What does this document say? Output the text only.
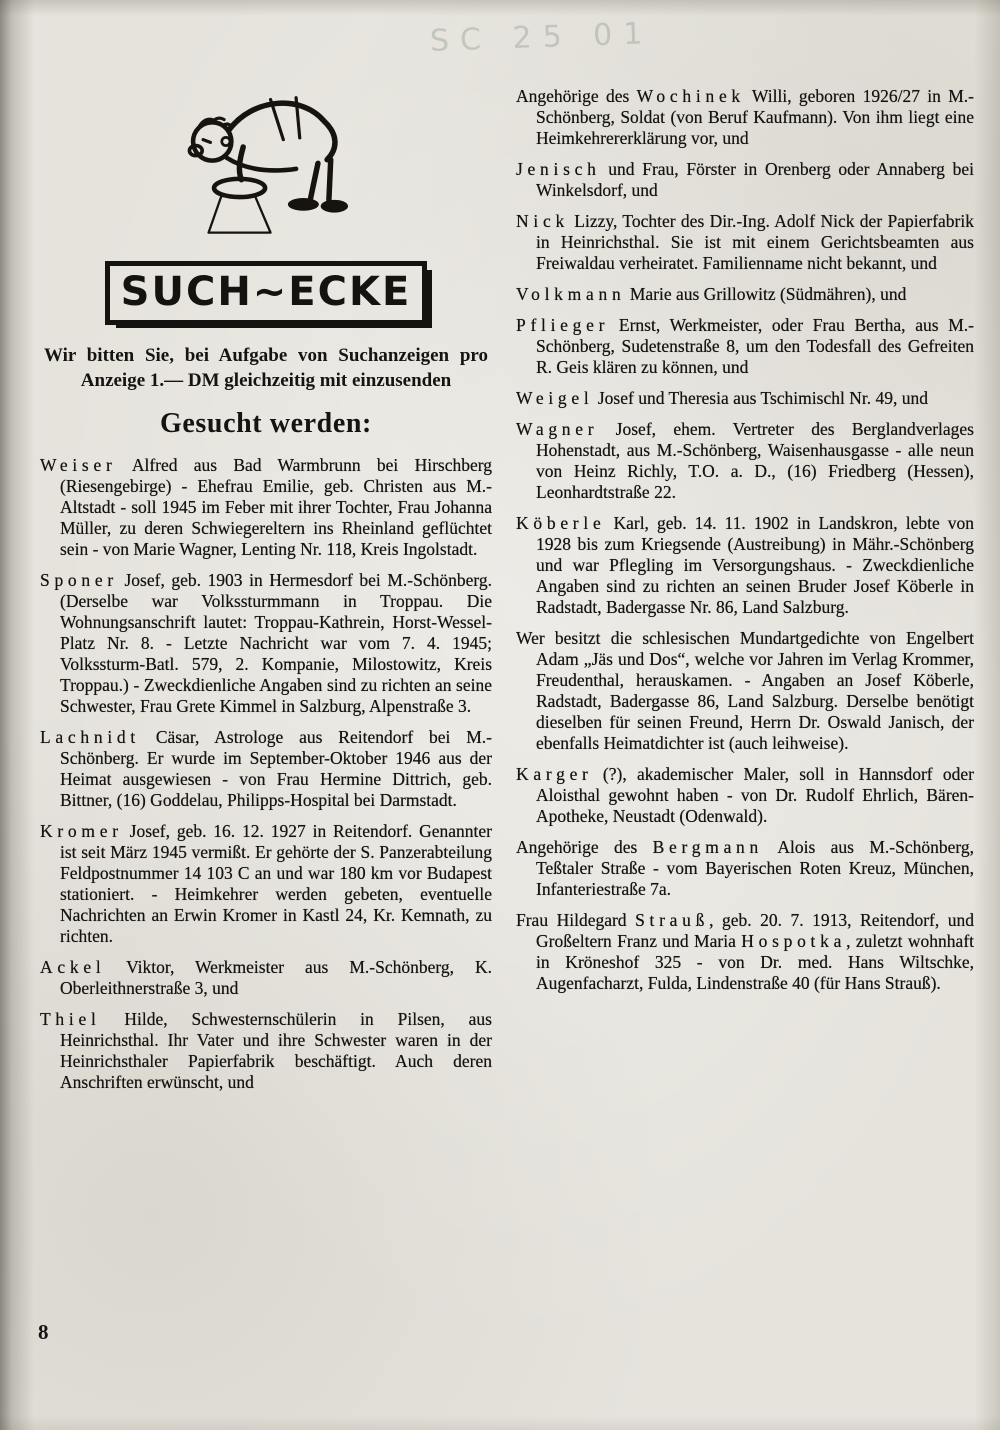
SC 25 01
SUCH~ECKE

Wir bitten Sie, bei Aufgabe von Suchanzeigen pro Anzeige 1.— DM gleichzeitig mit einzusenden

Gesucht werden:

Weiser Alfred aus Bad Warmbrunn bei Hirschberg (Riesengebirge) - Ehefrau Emilie, geb. Christen aus M.-Altstadt - soll 1945 im Feber mit ihrer Tochter, Frau Johanna Müller, zu deren Schwiegereltern ins Rheinland geflüchtet sein - von Marie Wagner, Lenting Nr. 118, Kreis Ingolstadt.

Sponer Josef, geb. 1903 in Hermesdorf bei M.-Schönberg. (Derselbe war Volkssturmmann in Troppau. Die Wohnungsanschrift lautet: Troppau-Kathrein, Horst-Wessel-Platz Nr. 8. - Letzte Nachricht war vom 7. 4. 1945; Volkssturm-Batl. 579, 2. Kompanie, Milostowitz, Kreis Troppau.) - Zweckdienliche Angaben sind zu richten an seine Schwester, Frau Grete Kimmel in Salzburg, Alpenstraße 3.

Lachnidt Cäsar, Astrologe aus Reitendorf bei M.-Schönberg. Er wurde im September-Oktober 1946 aus der Heimat ausgewiesen - von Frau Hermine Dittrich, geb. Bittner, (16) Goddelau, Philipps-Hospital bei Darmstadt.

Kromer Josef, geb. 16. 12. 1927 in Reitendorf. Genannter ist seit März 1945 vermißt. Er gehörte der S. Panzerabteilung Feldpostnummer 14 103 C an und war 180 km vor Budapest stationiert. - Heimkehrer werden gebeten, eventuelle Nachrichten an Erwin Kromer in Kastl 24, Kr. Kemnath, zu richten.

Ackel Viktor, Werkmeister aus M.-Schönberg, K. Oberleithnerstraße 3, und

Thiel Hilde, Schwesternschülerin in Pilsen, aus Heinrichsthal. Ihr Vater und ihre Schwester waren in der Heinrichsthaler Papierfabrik beschäftigt. Auch deren Anschriften erwünscht, und

Angehörige des Wochinek Willi, geboren 1926/27 in M.-Schönberg, Soldat (von Beruf Kaufmann). Von ihm liegt eine Heimkehrererklärung vor, und

Jenisch und Frau, Förster in Orenberg oder Annaberg bei Winkelsdorf, und

Nick Lizzy, Tochter des Dir.-Ing. Adolf Nick der Papierfabrik in Heinrichsthal. Sie ist mit einem Gerichtsbeamten aus Freiwaldau verheiratet. Familienname nicht bekannt, und

Volkmann Marie aus Grillowitz (Südmähren), und

Pflieger Ernst, Werkmeister, oder Frau Bertha, aus M.-Schönberg, Sudetenstraße 8, um den Todesfall des Gefreiten R. Geis klären zu können, und

Weigel Josef und Theresia aus Tschimischl Nr. 49, und

Wagner Josef, ehem. Vertreter des Berglandverlages Hohenstadt, aus M.-Schönberg, Waisenhausgasse - alle neun von Heinz Richly, T.O. a. D., (16) Friedberg (Hessen), Leonhardtstraße 22.

Köberle Karl, geb. 14. 11. 1902 in Landskron, lebte von 1928 bis zum Kriegsende (Austreibung) in Mähr.-Schönberg und war Pflegling im Versorgungshaus. - Zweckdienliche Angaben sind zu richten an seinen Bruder Josef Köberle in Radstadt, Badergasse Nr. 86, Land Salzburg.

Wer besitzt die schlesischen Mundartgedichte von Engelbert Adam „Jäs und Dos“, welche vor Jahren im Verlag Krommer, Freudenthal, herauskamen. - Angaben an Josef Köberle, Radstadt, Badergasse 86, Land Salzburg. Derselbe benötigt dieselben für seinen Freund, Herrn Dr. Oswald Janisch, der ebenfalls Heimatdichter ist (auch leihweise).

Karger (?), akademischer Maler, soll in Hannsdorf oder Aloisthal gewohnt haben - von Dr. Rudolf Ehrlich, Bären-Apotheke, Neustadt (Odenwald).

Angehörige des Bergmann Alois aus M.-Schönberg, Teßtaler Straße - vom Bayerischen Roten Kreuz, München, Infanteriestraße 7a.

Frau Hildegard Strauß, geb. 20. 7. 1913, Reitendorf, und Großeltern Franz und Maria Hospotka, zuletzt wohnhaft in Kröneshof 325 - von Dr. med. Hans Wiltschke, Augenfacharzt, Fulda, Lindenstraße 40 (für Hans Strauß).

8
